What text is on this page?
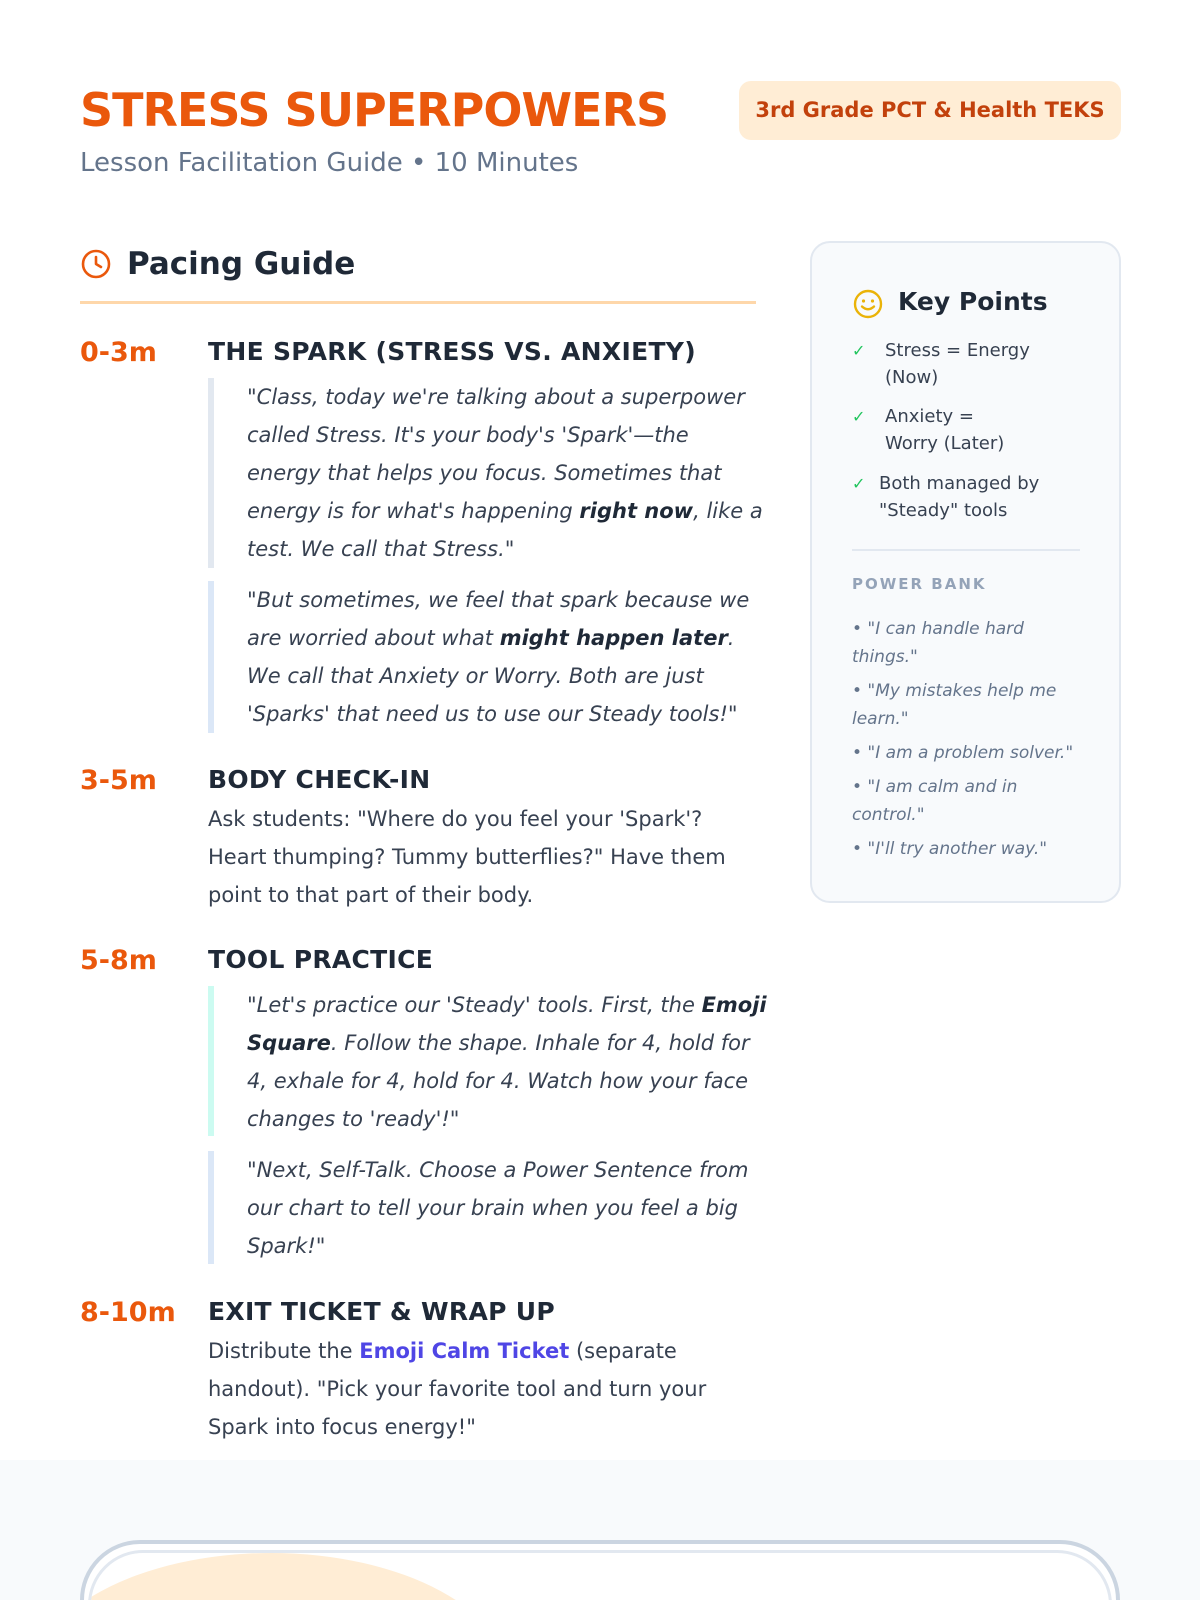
STRESS SUPERPOWERS
Lesson Facilitation Guide • 10 Minutes
3rd Grade PCT & Health TEKS
Pacing Guide
0-3m THE SPARK (STRESS VS. ANXIETY)
"Class, today we're talking about a superpower called Stress. It's your body's 'Spark'—the energy that helps you focus. Sometimes that energy is for what's happening right now, like a test. We call that Stress."
"But sometimes, we feel that spark because we are worried about what might happen later. We call that Anxiety or Worry. Both are just 'Sparks' that need us to use our Steady tools!"
3-5m BODY CHECK-IN
Ask students: "Where do you feel your 'Spark'? Heart thumping? Tummy butterflies?" Have them point to that part of their body.
5-8m TOOL PRACTICE
"Let's practice our 'Steady' tools. First, the Emoji Square. Follow the shape. Inhale for 4, hold for 4, exhale for 4, hold for 4. Watch how your face changes to 'ready'!"
"Next, Self-Talk. Choose a Power Sentence from our chart to tell your brain when you feel a big Spark!"
8-10m EXIT TICKET & WRAP UP
Distribute the Emoji Calm Ticket (separate handout). "Pick your favorite tool and turn your Spark into focus energy!"
Key Points
✓	Stress = Energy (Now)
✓	Anxiety = Worry (Later)
✓ Both managed by "Steady" tools
POWER BANK
• "I can handle hard things."
• "My mistakes help me learn."
• "I am a problem solver."
• "I am calm and in control."
• "I'll try another way."
